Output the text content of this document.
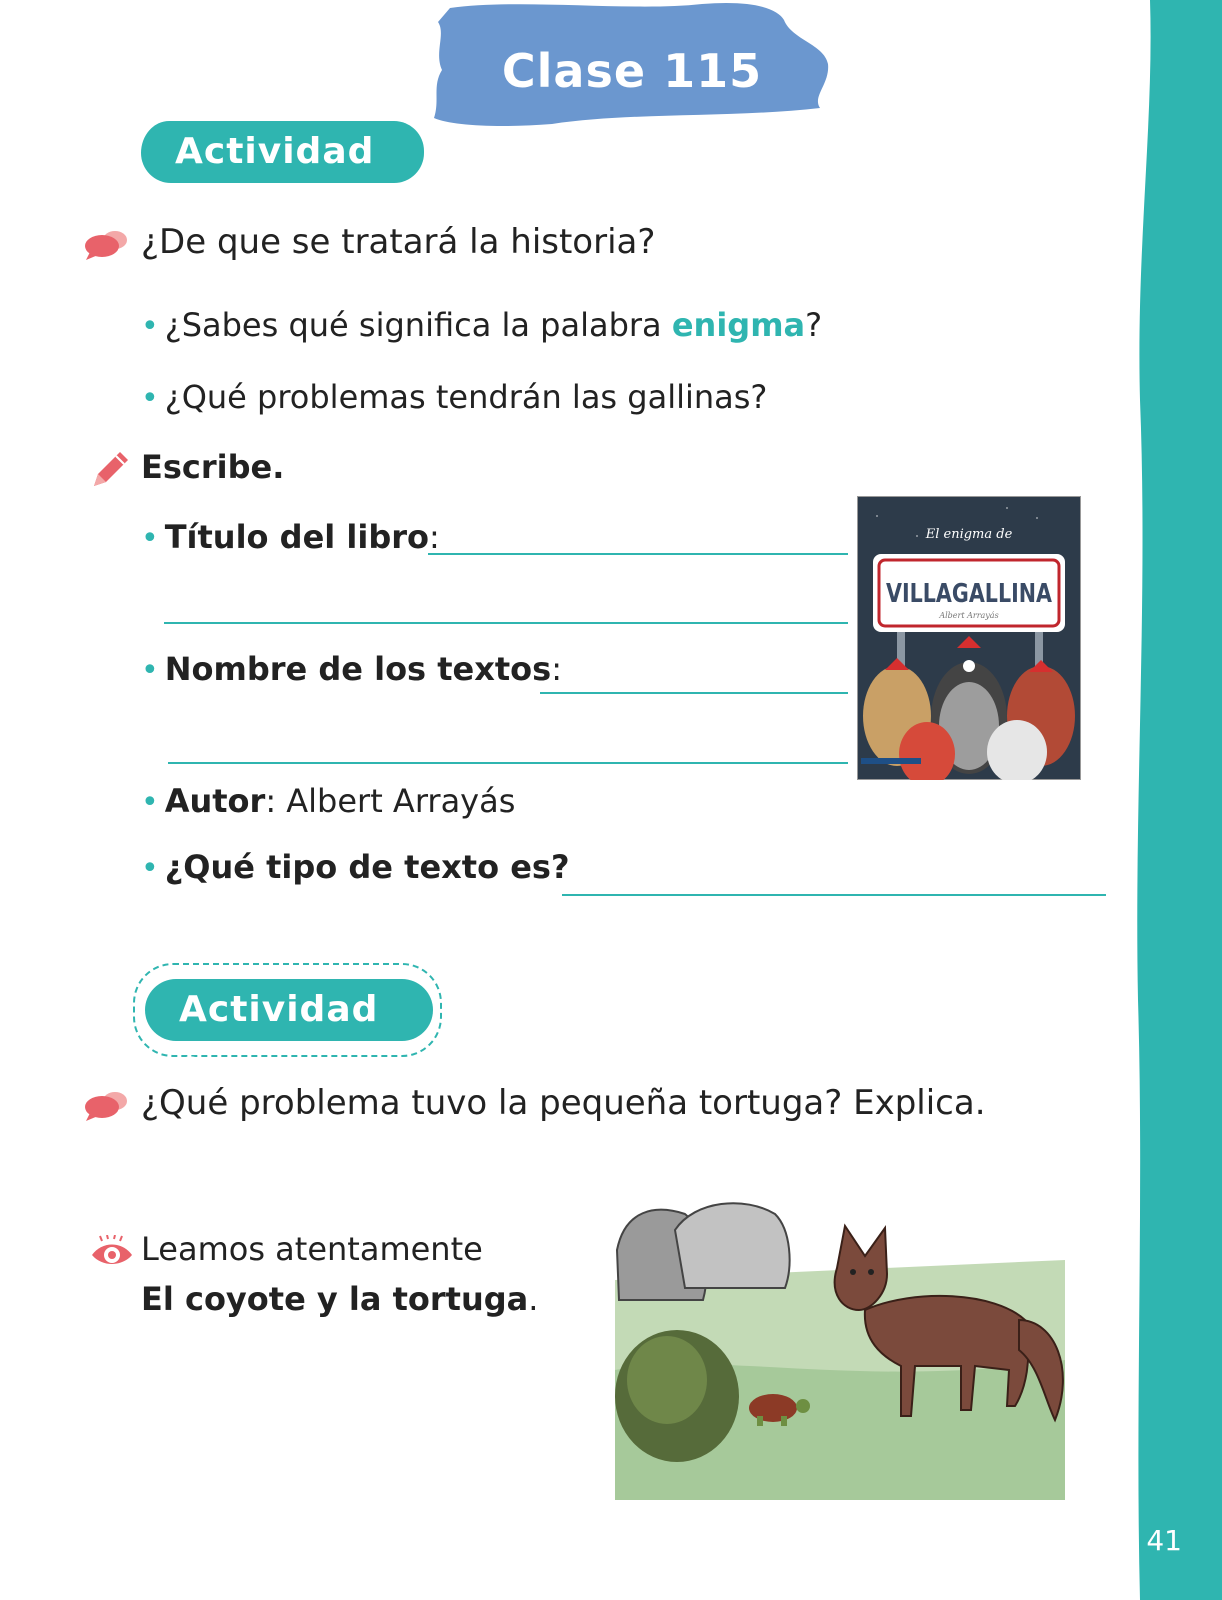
41
Clase 115
Actividad 1
¿De que se tratará la historia?
• ¿Sabes qué significa la palabra enigma?
• ¿Qué problemas tendrán las gallinas?
Escribe.
• Título del libro:
• Nombre de los textos:
• Autor: Albert Arrayás
• ¿Qué tipo de texto es?
El enigma de
VILLAGALLINA
Albert Arrayás
Actividad 2
¿Qué problema tuvo la pequeña tortuga? Explica.
Leamos atentamente
El coyote y la tortuga.
